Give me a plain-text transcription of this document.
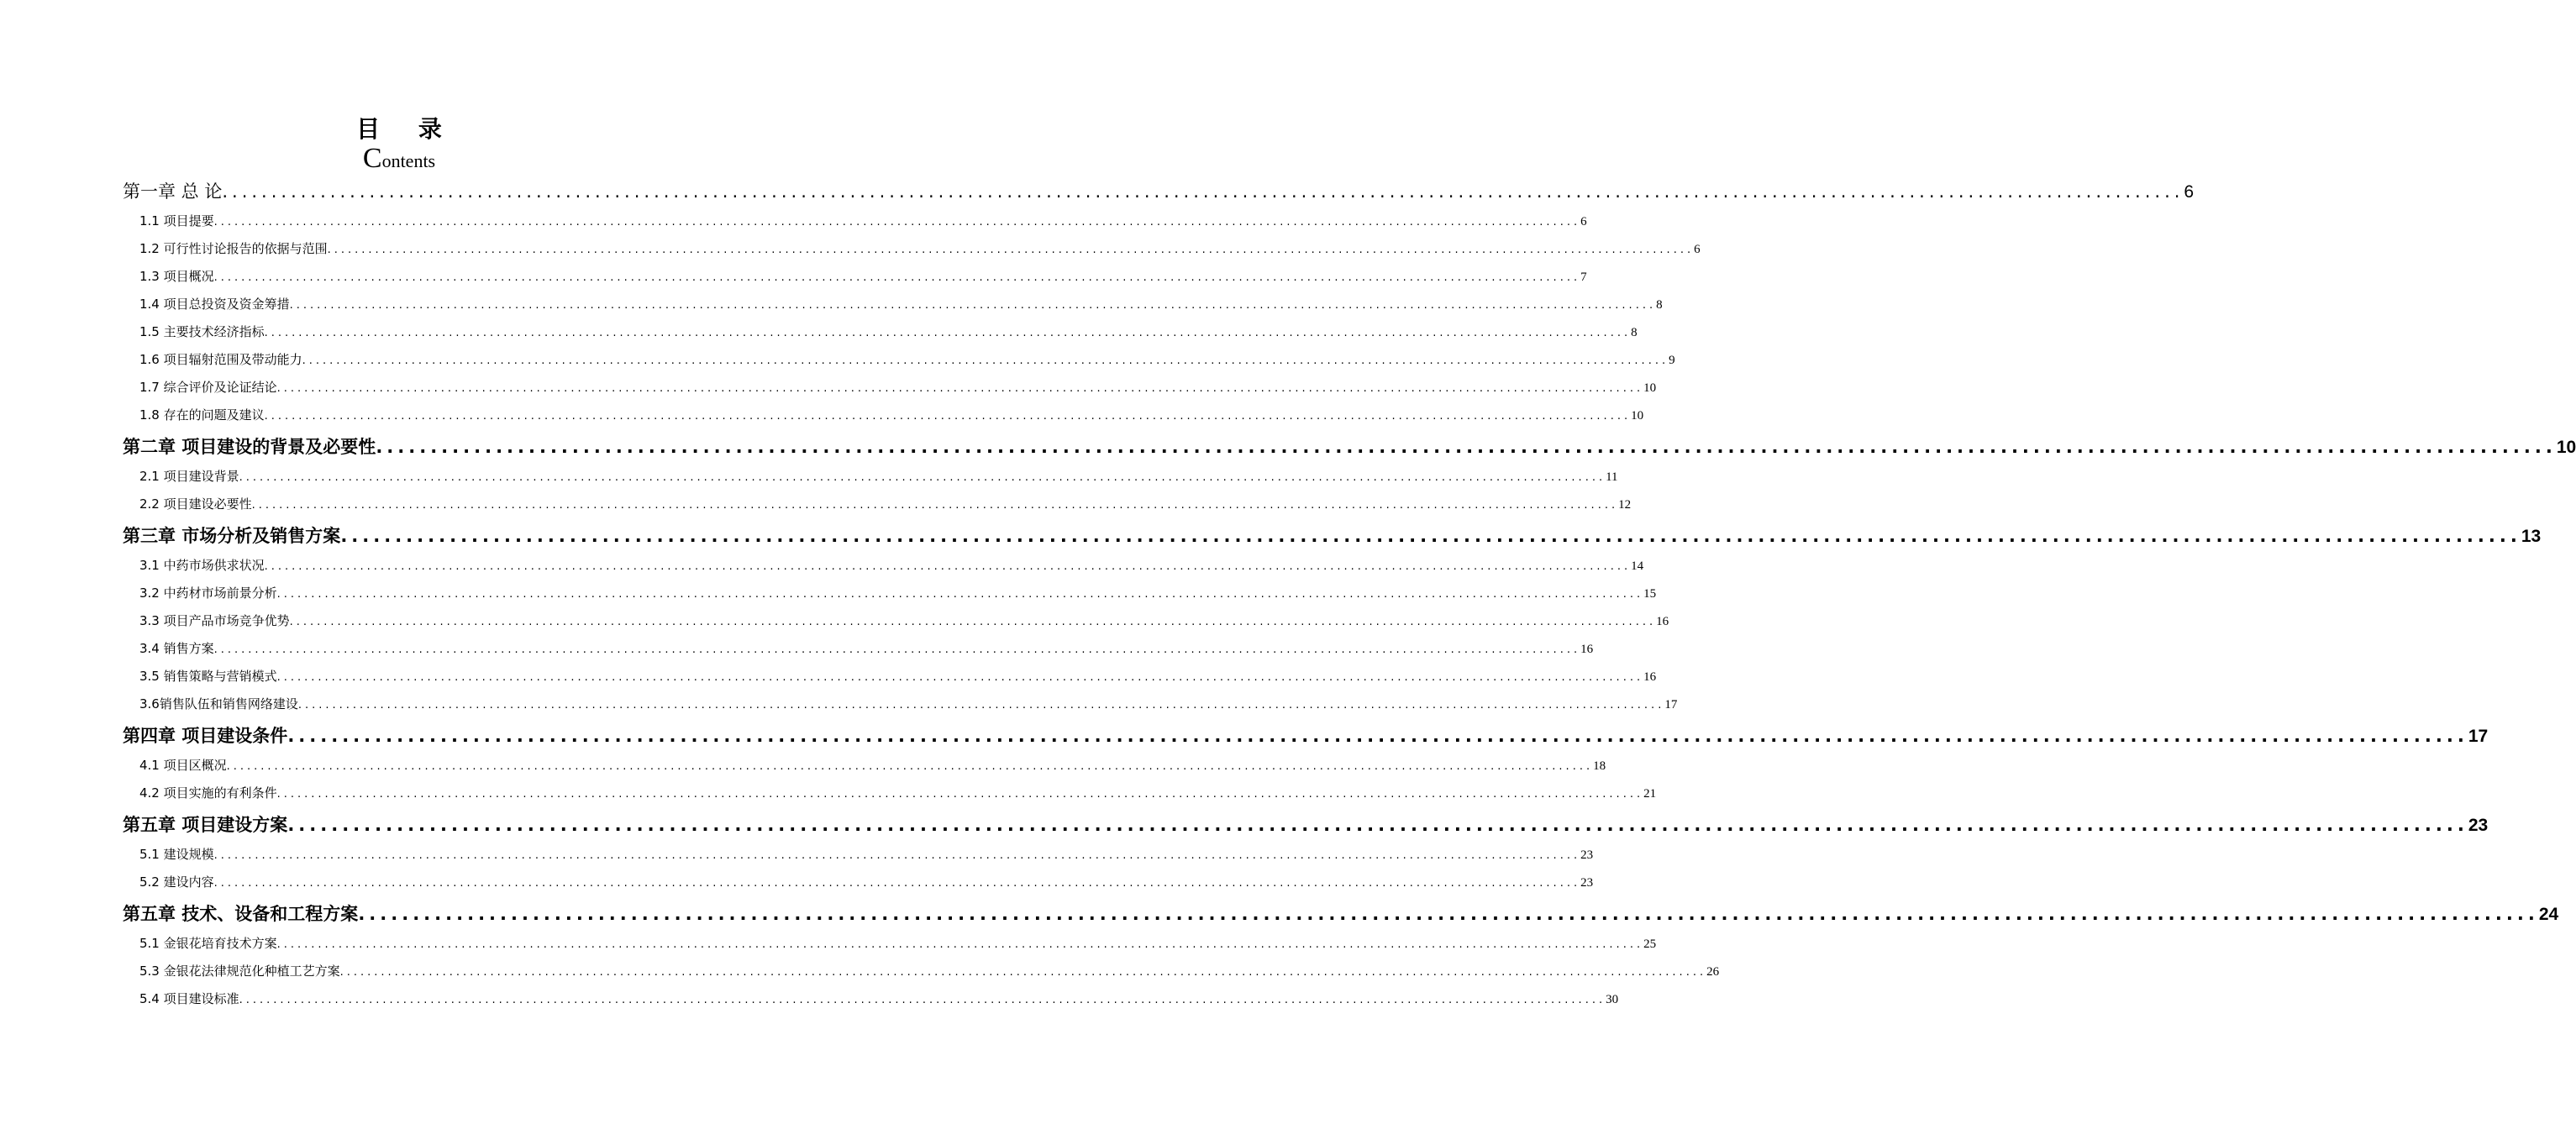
目 录
Contents
第一章 总 论 ........................................................................................................................................................................................................ 6
1.1 项目提要 ........................................................................................................................................................................................................ 6
1.2 可行性讨论报告的依据与范围 ........................................................................................................................................................................................................ 6
1.3 项目概况 ........................................................................................................................................................................................................ 7
1.4 项目总投资及资金筹措 ........................................................................................................................................................................................................ 8
1.5 主要技术经济指标 ........................................................................................................................................................................................................ 8
1.6 项目辐射范围及带动能力 ........................................................................................................................................................................................................ 9
1.7 综合评价及论证结论 ........................................................................................................................................................................................................ 10
1.8 存在的问题及建议 ........................................................................................................................................................................................................ 10
第二章 项目建设的背景及必要性 ........................................................................................................................................................................................................ 10
2.1 项目建设背景 ........................................................................................................................................................................................................ 11
2.2 项目建设必要性 ........................................................................................................................................................................................................ 12
第三章 市场分析及销售方案 ........................................................................................................................................................................................................ 13
3.1 中药市场供求状况 ........................................................................................................................................................................................................ 14
3.2 中药材市场前景分析 ........................................................................................................................................................................................................ 15
3.3 项目产品市场竞争优势 ........................................................................................................................................................................................................ 16
3.4 销售方案 ........................................................................................................................................................................................................ 16
3.5 销售策略与营销模式 ........................................................................................................................................................................................................ 16
3.6销售队伍和销售网络建设 ........................................................................................................................................................................................................ 17
第四章 项目建设条件 ........................................................................................................................................................................................................ 17
4.1 项目区概况 ........................................................................................................................................................................................................ 18
4.2 项目实施的有利条件 ........................................................................................................................................................................................................ 21
第五章 项目建设方案 ........................................................................................................................................................................................................ 23
5.1 建设规模 ........................................................................................................................................................................................................ 23
5.2 建设内容 ........................................................................................................................................................................................................ 23
第五章 技术、设备和工程方案 ........................................................................................................................................................................................................ 24
5.1 金银花培育技术方案 ........................................................................................................................................................................................................ 25
5.3 金银花法律规范化种植工艺方案 ........................................................................................................................................................................................................ 26
5.4 项目建设标准 ........................................................................................................................................................................................................ 30
